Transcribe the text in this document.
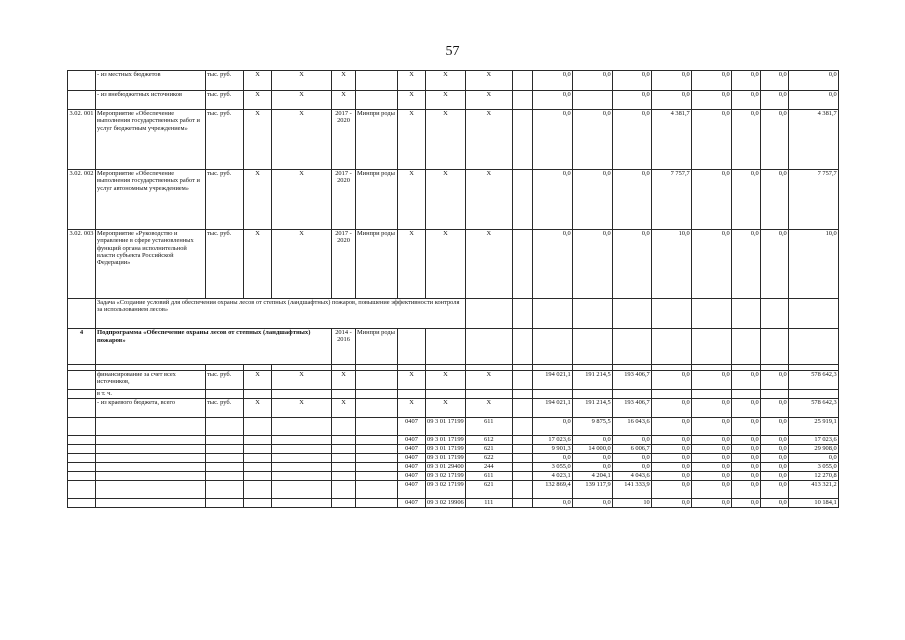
57
	- из местных бюджетов	тыс. руб.	X	X	X		X	X	X		0,0	0,0	0,0	0,0	0,0	0,0	0,0	0,0
	- из внебюджетных источников	тыс. руб.	X	X	X		X	X	X		0,0		0,0	0,0	0,0	0,0	0,0	0,0
3.02. 001	Мероприятие «Обеспечение выполнения государственных работ и услуг бюджетным учреждением»	тыс. руб.	X	X	2017 - 2020	Минпри роды	X	X	X		0,0	0,0	0,0	4 381,7	0,0	0,0	0,0	4 381,7
3.02. 002	Мероприятие «Обеспечение выполнения государственных работ и услуг автономным учреждением»	тыс. руб.	X	X	2017 - 2020	Минпри роды	X	X	X		0,0	0,0	0,0	7 757,7	0,0	0,0	0,0	7 757,7
3.02. 003	Мероприятие «Руководство и управление в сфере установленных функций органа исполнительной власти субъекта Российской Федерации»	тыс. руб.	X	X	2017 - 2020	Минпри роды	X	X	X		0,0	0,0	0,0	10,0	0,0	0,0	0,0	10,0
	Задача «Создание условий для обеспечения охраны лесов от степных (ландшафтных) пожаров, повышение эффективности контроля за использованием лесов»																	
4	Подпрограмма «Обеспечение охраны лесов от степных (ландшафтных) пожаров»				2014 - 2016	Минпри роды												

	финансирование за счет всех источников,	тыс. руб.	X	X	X		X	X	X		194 021,1	191 214,5	193 406,7	0,0	0,0	0,0	0,0	578 642,3
	в т. ч.																	
	- из краевого бюджета, всего	тыс. руб.	X	X	X		X	X	X		194 021,1	191 214,5	193 406,7	0,0	0,0	0,0	0,0	578 642,3
							0407	09 3 01 17199	611		0,0	9 875,5	16 043,6	0,0	0,0	0,0	0,0	25 919,1
							0407	09 3 01 17199	612		17 023,6	0,0	0,0	0,0	0,0	0,0	0,0	17 023,6
							0407	09 3 01 17199	621		9 901,3	14 000,0	6 006,7	0,0	0,0	0,0	0,0	29 908,0
							0407	09 3 01 17199	622		0,0	0,0	0,0	0,0	0,0	0,0	0,0	0,0
							0407	09 3 01 29400	244		3 055,0	0,0	0,0	0,0	0,0	0,0	0,0	3 055,0
							0407	09 3 02 17199	611		4 023,1	4 204,1	4 043,6	0,0	0,0	0,0	0,0	12 270,8
							0407	09 3 02 17199	621		132 869,4	139 117,9	141 333,9	0,0	0,0	0,0	0,0	413 321,2
							0407	09 3 02 19906	111		0,0	0,0	10	0,0	0,0	0,0	0,0	10 184,1
